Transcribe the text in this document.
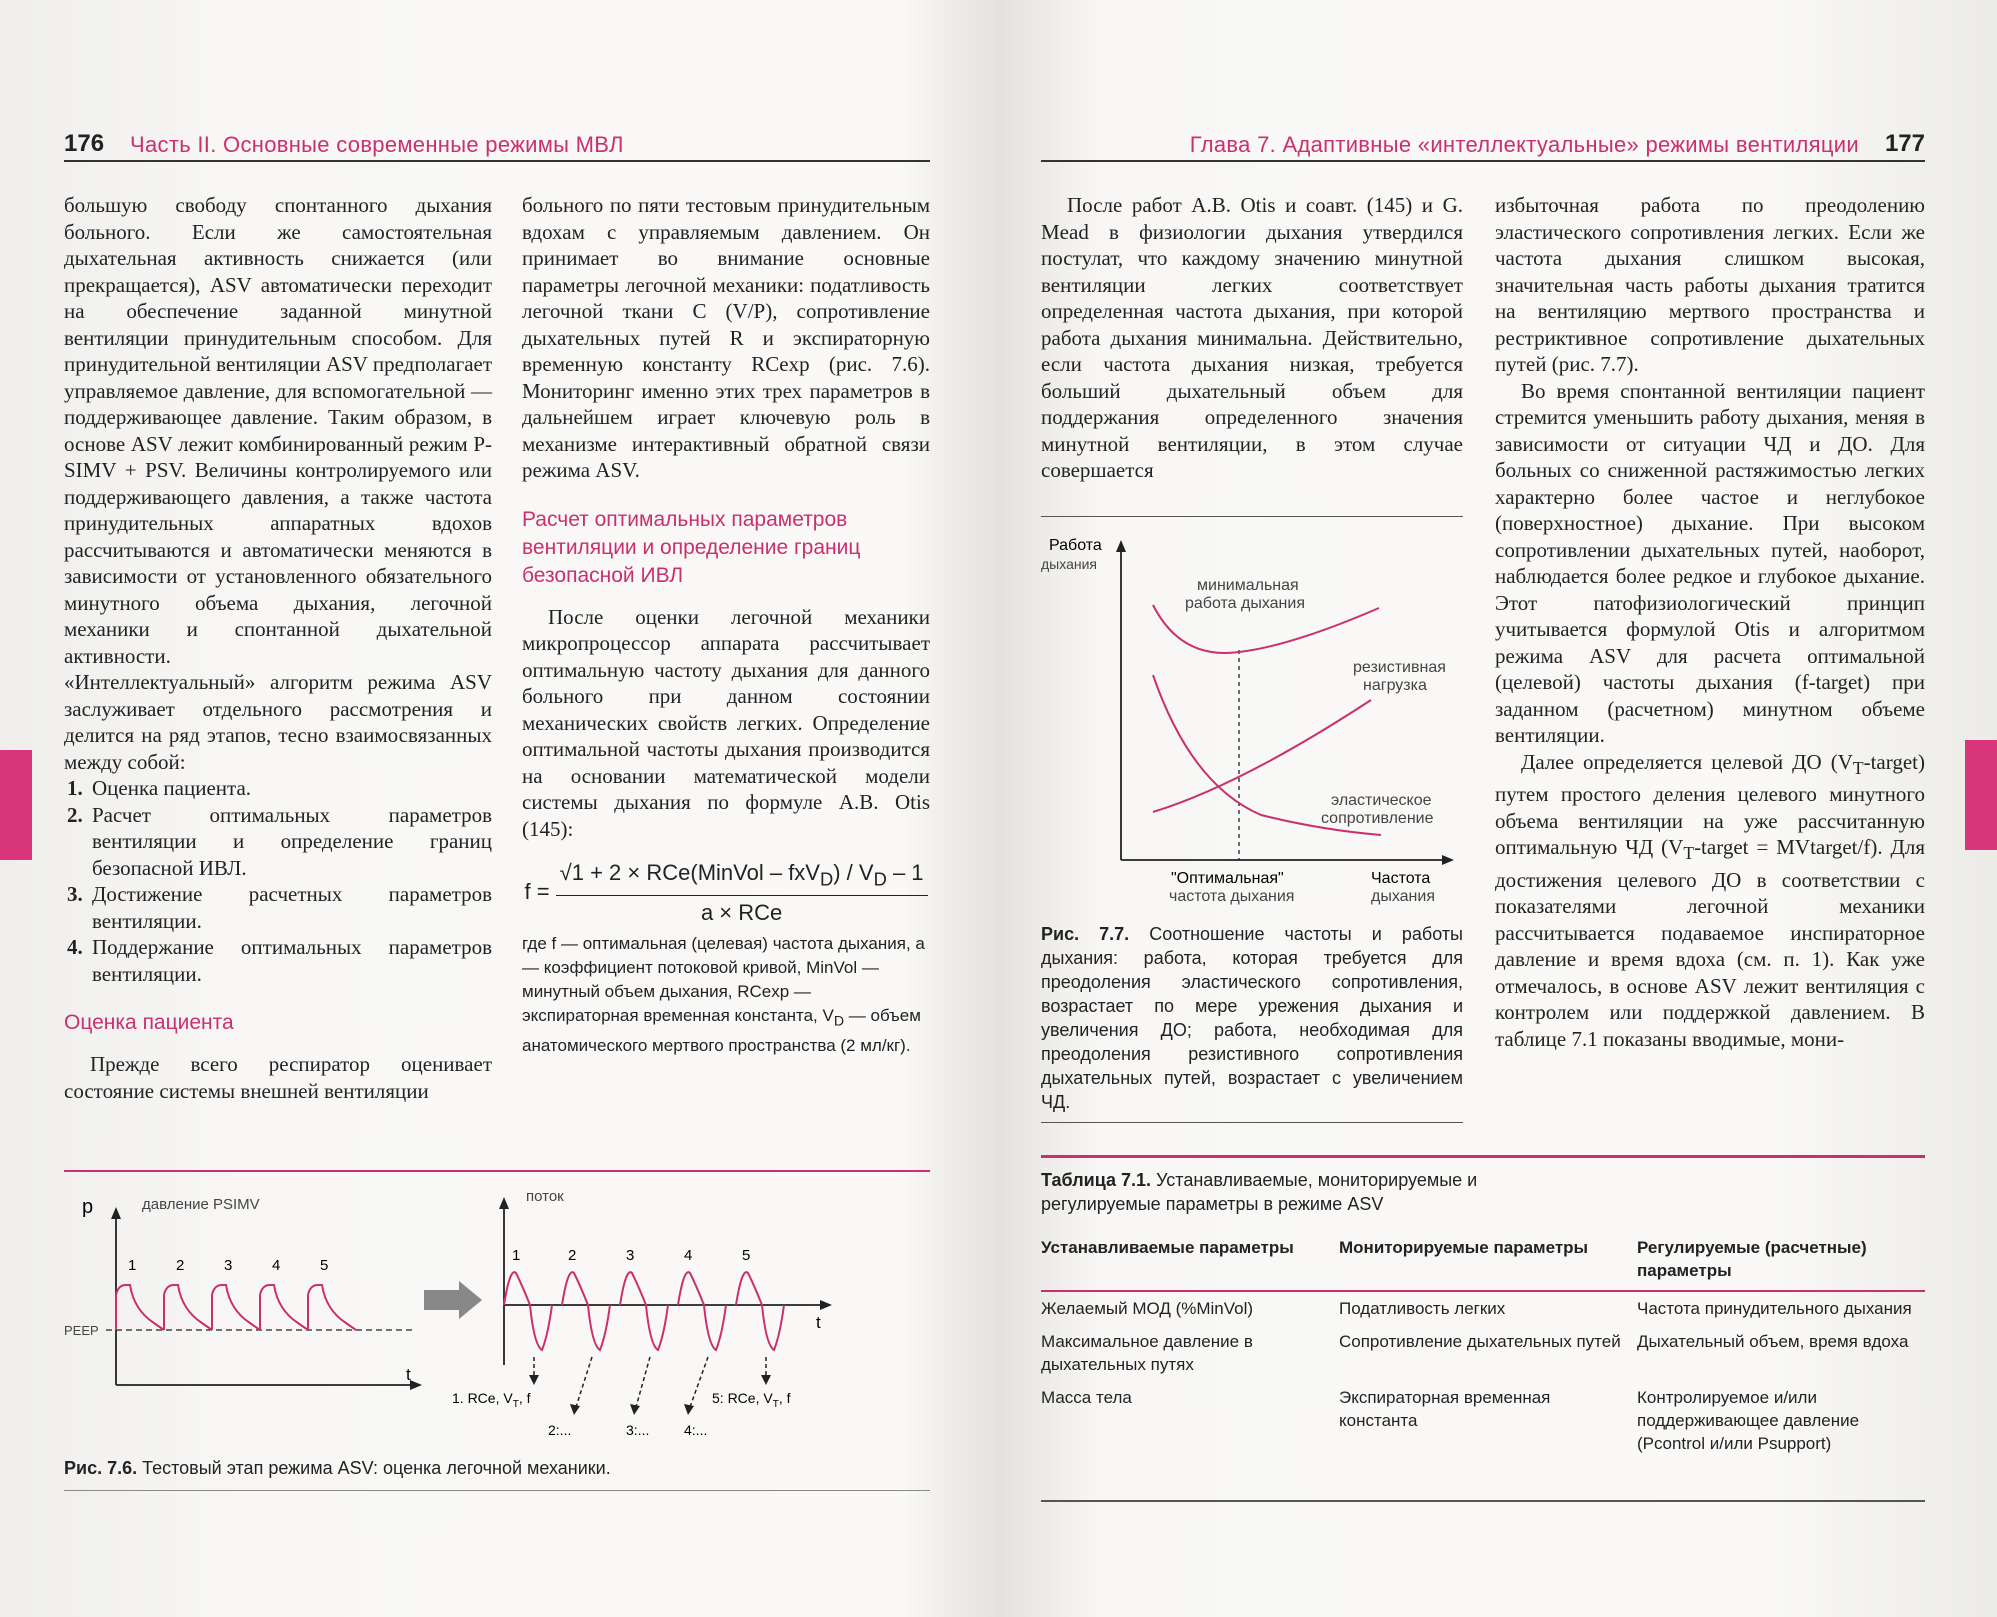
176 Часть II. Основные современные режимы МВЛ

большую свободу спонтанного дыхания больного. Если же самостоятельная дыхательная активность снижается (или прекращается), ASV автоматически переходит на обеспечение заданной минутной вентиляции принудительным способом. Для принудительной вентиляции ASV предполагает управляемое давление, для вспомогательной — поддерживающее давление. Таким образом, в основе ASV лежит комбинированный режим P-SIMV + PSV. Величины контролируемого или поддерживающего давления, а также частота принудительных аппаратных вдохов рассчитываются и автоматически меняются в зависимости от установленного обязательного минутного объема дыхания, легочной механики и спонтанной дыхательной активности.

«Интеллектуальный» алгоритм режима ASV заслуживает отдельного рассмотрения и делится на ряд этапов, тесно взаимосвязанных между собой:

1. Оценка пациента.
2. Расчет оптимальных параметров вентиляции и определение границ безопасной ИВЛ.
3. Достижение расчетных параметров вентиляции.
4. Поддержание оптимальных параметров вентиляции.
Оценка пациента

Прежде всего респиратор оценивает состояние системы внешней вентиляции

больного по пяти тестовым принудительным вдохам с управляемым давлением. Он принимает во внимание основные параметры легочной механики: податливость легочной ткани C (V/P), сопротивление дыхательных путей R и экспираторную временную константу RCexp (рис. 7.6). Мониторинг именно этих трех параметров в дальнейшем играет ключевую роль в механизме интерактивный обратной связи режима ASV.

Расчет оптимальных параметров вентиляции и определение границ безопасной ИВЛ

После оценки легочной механики микропроцессор аппарата рассчитывает оптимальную частоту дыхания для данного больного при данном состоянии механических свойств легких. Определение оптимальной частоты дыхания производится на основании математической модели системы дыхания по формуле A.B. Otis (145):

$f = \frac{√1 + 2 \times RCe(MinVol - fxV_D) / V_D - 1}{\text{a × RCe}}$

где f — оптимальная (целевая) частота дыхания, a — коэффициент потоковой кривой, MinVol — минутный объем дыхания, RCexp — экспираторная временная константа, $V_D$ — объем анатомического мертвого пространства (2 мл/кг).

p	давление PSIMV
PEEP
t
1	2	3	4	5
поток
t
1	2	3	4	5
1. RCe, $V_T$, f
2:...	3:... 4:...
5: RCe, $V_T$, f
Рис. 7.6. Тестовый этап режима ASV: оценка легочной механики.
Глава 7. Адаптивные «интеллектуальные» режимы вентиляции 177

После работ A.B. Otis и соавт. (145) и G. Mead в физиологии дыхания утвердился постулат, что каждому значению минутной вентиляции легких соответствует определенная частота дыхания, при которой работа дыхания минимальна. Действительно, если частота дыхания низкая, требуется больший дыхательный объем для поддержания определенного значения минутной вентиляции, в этом случае совершается

Работа
дыхания
минимальная
работа дыхания
резистивная
нагрузка
эластическое
сопротивление
"Оптимальная"
частота дыхания
Частота
дыхания
Рис. 7.7. Соотношение частоты и работы дыхания: работа, которая требуется для преодоления эластического сопротивления, возрастает по мере урежения дыхания и увеличения ДО; работа, необходимая для преодоления резистивного сопротивления дыхательных путей, возрастает с увеличением ЧД.

избыточная работа по преодолению эластического сопротивления легких. Если же частота дыхания слишком высокая, значительная часть работы дыхания тратится на вентиляцию мертвого пространства и рестриктивное сопротивление дыхательных путей (рис. 7.7).

Во время спонтанной вентиляции пациент стремится уменьшить работу дыхания, меняя в зависимости от ситуации ЧД и ДО. Для больных со сниженной растяжимостью легких характерно более частое и неглубокое (поверхностное) дыхание. При высоком сопротивлении дыхательных путей, наоборот, наблюдается более редкое и глубокое дыхание. Этот патофизиологический принцип учитывается формулой Otis и алгоритмом режима ASV для расчета оптимальной (целевой) частоты дыхания (f-target) при заданном (расчетном) минутном объеме вентиляции.

Далее определяется целевой ДО $(V_T-target)$ путем простого деления целевого минутного объема вентиляции на уже рассчитанную оптимальную ЧД ($V_T$-target = MVtarget/f). Для достижения целевого ДО в соответствии с показателями легочной механики рассчитывается подаваемое инспираторное давление и время вдоха (см. п. 1). Как уже отмечалось, в основе ASV лежит вентиляция с контролем или поддержкой давлением. В таблице 7.1 показаны вводимые, мони-

Таблица 7.1. Устанавливаемые, мониторируемые и регулируемые параметры в режиме ASV
Устанавливаемые параметры	Мониторируемые параметры	Регулируемые (расчетные) параметры
Желаемый МОД (%MinVol)	Податливость легких	Частота принудительного дыхания
Максимальное давление в дыхательных путях	Сопротивление дыхательных путей	Дыхательный объем, время вдоха
Масса тела	Экспираторная временная константа	Контролируемое и/или поддерживающее давление (Pcontrol и/или Psupport)
